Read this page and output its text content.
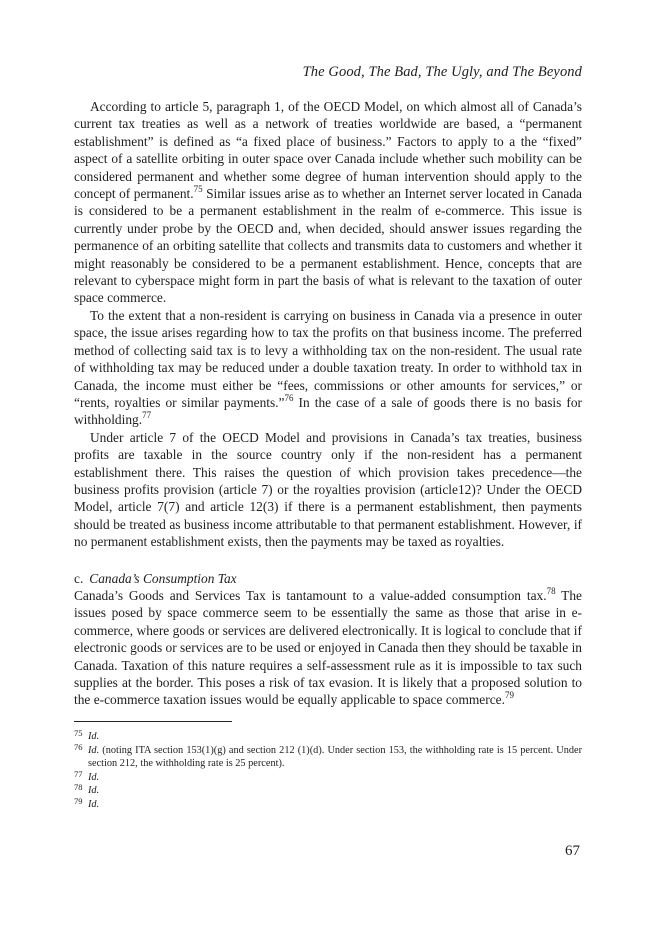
The Good, The Bad, The Ugly, and The Beyond

According to article 5, paragraph 1, of the OECD Model, on which almost all of Canada’s current tax treaties as well as a network of treaties worldwide are based, a “permanent establishment” is defined as “a fixed place of business.” Factors to apply to a the “fixed” aspect of a satellite orbiting in outer space over Canada include whether such mobility can be considered permanent and whether some degree of human intervention should apply to the concept of permanent.$^{75}$ Similar issues arise as to whether an Internet server located in Canada is considered to be a permanent establishment in the realm of e-commerce. This issue is currently under probe by the OECD and, when decided, should answer issues regarding the permanence of an orbiting satellite that collects and transmits data to customers and whether it might reasonably be considered to be a permanent establishment. Hence, concepts that are relevant to cyberspace might form in part the basis of what is relevant to the taxation of outer space commerce.

To the extent that a non-resident is carrying on business in Canada via a presence in outer space, the issue arises regarding how to tax the profits on that business income. The preferred method of collecting said tax is to levy a withholding tax on the non-resident. The usual rate of withholding tax may be reduced under a double taxation treaty. In order to withhold tax in Canada, the income must either be “fees, commissions or other amounts for services,” or “rents, royalties or similar payments.”$^{76}$ In the case of a sale of goods there is no basis for withholding.$^{77}$

Under article 7 of the OECD Model and provisions in Canada’s tax treaties, business profits are taxable in the source country only if the non-resident has a permanent establishment there. This raises the question of which provision takes precedence—the business profits provision (article 7) or the royalties provision (article12)? Under the OECD Model, article 7(7) and article 12(3) if there is a permanent establishment, then payments should be treated as business income attributable to that permanent establishment. However, if no permanent establishment exists, then the payments may be taxed as royalties.

c. Canada’s Consumption Tax

Canada’s Goods and Services Tax is tantamount to a value-added consumption tax.$^{78}$ The issues posed by space commerce seem to be essentially the same as those that arise in e-commerce, where goods or services are delivered electronically. It is logical to conclude that if electronic goods or services are to be used or enjoyed in Canada then they should be taxable in Canada. Taxation of this nature requires a self-assessment rule as it is impossible to tax such supplies at the border. This poses a risk of tax evasion. It is likely that a proposed solution to the e-commerce taxation issues would be equally applicable to space commerce.$^{79}$

75 Id.

76 Id. (noting ITA section 153(1)(g) and section 212 (1)(d). Under section 153, the withholding rate is 15 percent. Under section 212, the withholding rate is 25 percent).

77 Id.

78 Id.

79 Id.

67
